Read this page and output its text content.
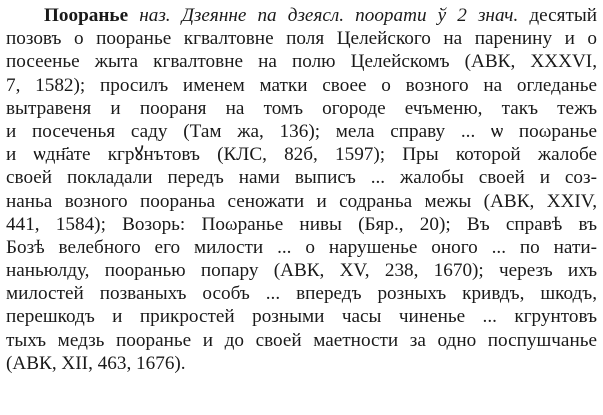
Пооранье наз. Дзеянне па дзеясл. поорати ў 2 знач. десятый
позовъ о пооранье кгвалтовне поля Целейского на паренину и о
посеенье жыта кгвалтовне на полю Целейскомъ (АВК, XXXVI,
7, 1582); просилъ именем матки своее о возного на огледанье
вытравеня и поораня на томъ огороде ечъменю, такъ тежъ
и посеченья саду (Там жа, 136); мела справу ... ѡ поωранье
и ѡдн҃ате кгрꙋнътовъ (КЛС, 82б, 1597); Пры которой жалобе
своей покладали передъ нами выписъ ... жалобы своей и соз-
наньа возного поораньа сеножати и содраньа межы (АВК, XXIV,
441, 1584); Возорь: Поωранье нивы (Бяр., 20); Въ справѣ въ
Бозѣ велебного его милости ... о нарушенье оного ... по нати-
наньюлду, пооранью попару (АВК, XV, 238, 1670); черезъ ихъ
милостей позваныхъ особъ ... впередъ розныхъ кривдъ, шкодъ,
перешкодъ и прикростей розными часы чиненье ... кгрунтовъ
тыхъ медзь поораньe и до своей маетности за одно поспушчанье
(АВК, XII, 463, 1676).
